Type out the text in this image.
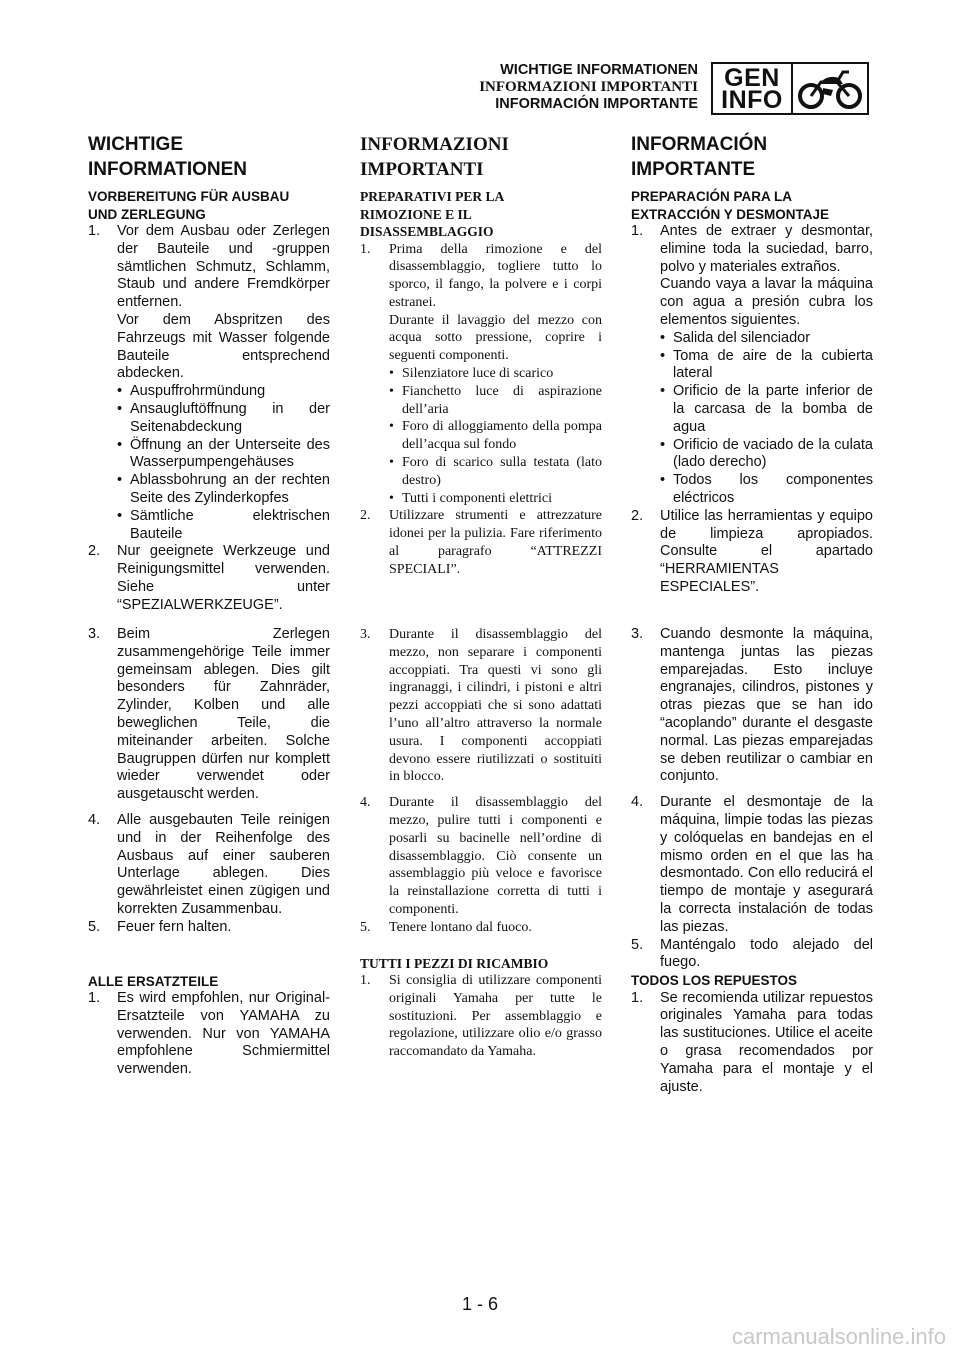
WICHTIGE INFORMATIONEN
INFORMAZIONI IMPORTANTI
INFORMACIÓN IMPORTANTE
GEN
INFO
WICHTIGE
INFORMATIONEN
VORBEREITUNG FÜR AUSBAU
UND ZERLEGUNG
1.	Vor dem Ausbau oder Zerlegen der Bauteile und -gruppen sämtlichen Schmutz, Schlamm, Staub und andere Fremdkörper entfernen.
Vor dem Abspritzen des Fahrzeugs mit Wasser folgende Bauteile entsprechend abdecken.
• Auspuffrohrmündung
• Ansaugluftöffnung in der Seitenabdeckung
• Öffnung an der Unterseite des Wasserpumpengehäuses
• Ablassbohrung an der rechten Seite des Zylinderkopfes
• Sämtliche elektrischen Bauteile
2.	Nur geeignete Werkzeuge und Reinigungsmittel verwenden. Siehe unter “SPEZIALWERKZEUGE”.
INFORMAZIONI
IMPORTANTI
PREPARATIVI PER LA
RIMOZIONE E IL
DISASSEMBLAGGIO
1.	Prima della rimozione e del disassemblaggio, togliere tutto lo sporco, il fango, la polvere e i corpi estranei.
Durante il lavaggio del mezzo con acqua sotto pressione, coprire i seguenti componenti.
• Silenziatore luce di scarico
• Fianchetto luce di aspirazione dell’aria
• Foro di alloggiamento della pompa dell’acqua sul fondo
• Foro di scarico sulla testata (lato destro)
• Tutti i componenti elettrici
2.	Utilizzare strumenti e attrezzature idonei per la pulizia. Fare riferimento al paragrafo “ATTREZZI SPECIALI”.
INFORMACIÓN
IMPORTANTE
PREPARACIÓN PARA LA
EXTRACCIÓN Y DESMONTAJE
1.	Antes de extraer y desmontar, elimine toda la suciedad, barro, polvo y materiales extraños.
Cuando vaya a lavar la máquina con agua a presión cubra los elementos siguientes.
• Salida del silenciador
• Toma de aire de la cubierta lateral
• Orificio de la parte inferior de la carcasa de la bomba de agua
• Orificio de vaciado de la culata (lado derecho)
• Todos los componentes eléctricos
2.	Utilice las herramientas y equipo de limpieza apropiados. Consulte el apartado “HERRAMIENTAS ESPECIALES”.
3.	Beim Zerlegen zusammengehörige Teile immer gemeinsam ablegen. Dies gilt besonders für Zahnräder, Zylinder, Kolben und alle beweglichen Teile, die miteinander arbeiten. Solche Baugruppen dürfen nur komplett wieder verwendet oder ausgetauscht werden.
4.	Alle ausgebauten Teile reinigen und in der Reihenfolge des Ausbaus auf einer sauberen Unterlage ablegen. Dies gewährleistet einen zügigen und korrekten Zusammenbau.
5.	Feuer fern halten.
ALLE ERSATZTEILE
1.	Es wird empfohlen, nur Original-Ersatzteile von YAMAHA zu verwenden. Nur von YAMAHA empfohlene Schmiermittel verwenden.
3.	Durante il disassemblaggio del mezzo, non separare i componenti accoppiati. Tra questi vi sono gli ingranaggi, i cilindri, i pistoni e altri pezzi accoppiati che si sono adattati l’uno all’altro attraverso la normale usura. I componenti accoppiati devono essere riutilizzati o sostituiti in blocco.
4.	Durante il disassemblaggio del mezzo, pulire tutti i componenti e posarli su bacinelle nell’ordine di disassemblaggio. Ciò consente un assemblaggio più veloce e favorisce la reinstallazione corretta di tutti i componenti.
5.	Tenere lontano dal fuoco.
TUTTI I PEZZI DI RICAMBIO
1.	Si consiglia di utilizzare componenti originali Yamaha per tutte le sostituzioni. Per assemblaggio e regolazione, utilizzare olio e/o grasso raccomandato da Yamaha.
3.	Cuando desmonte la máquina, mantenga juntas las piezas emparejadas. Esto incluye engranajes, cilindros, pistones y otras piezas que se han ido “acoplando” durante el desgaste normal. Las piezas emparejadas se deben reutilizar o cambiar en conjunto.
4.	Durante el desmontaje de la máquina, limpie todas las piezas y colóquelas en bandejas en el mismo orden en el que las ha desmontado. Con ello reducirá el tiempo de montaje y asegurará la correcta instalación de todas las piezas.
5.	Manténgalo todo alejado del fuego.
TODOS LOS REPUESTOS
1.	Se recomienda utilizar repuestos originales Yamaha para todas las sustituciones. Utilice el aceite o grasa recomendados por Yamaha para el montaje y el ajuste.
1 - 6
carmanualsonline.info
